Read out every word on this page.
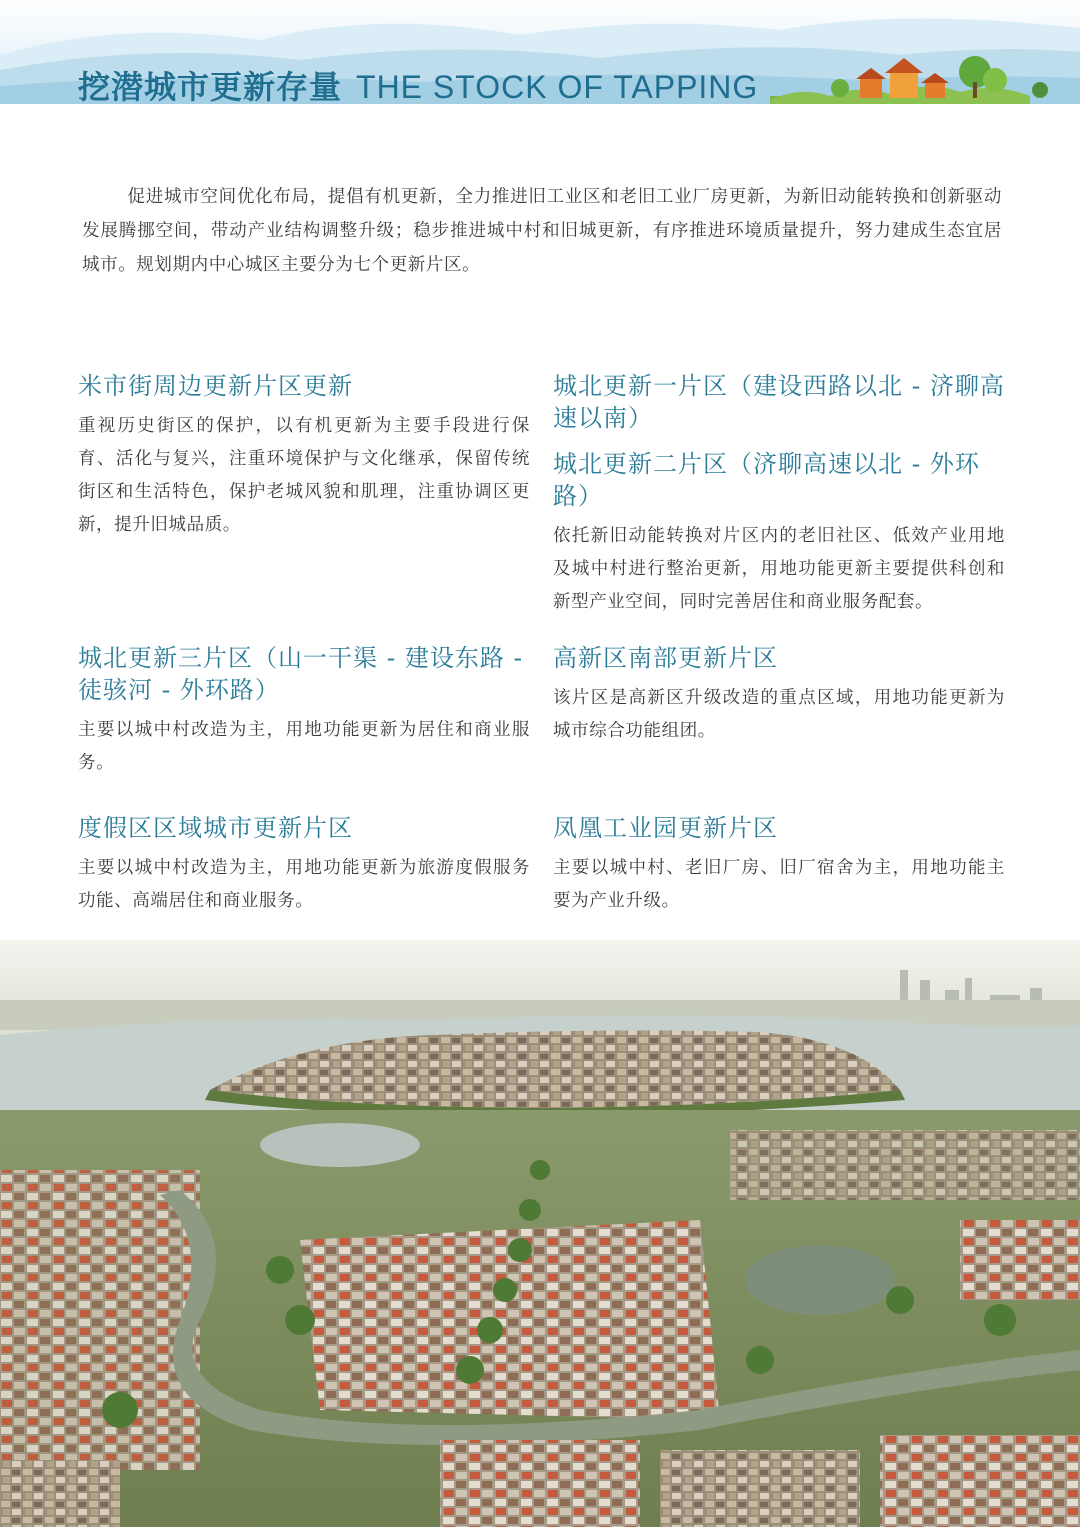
挖潜城市更新存量 THE STOCK OF TAPPING

促进城市空间优化布局，提倡有机更新，全力推进旧工业区和老旧工业厂房更新，为新旧动能转换和创新驱动发展腾挪空间，带动产业结构调整升级；稳步推进城中村和旧城更新，有序推进环境质量提升，努力建成生态宜居城市。规划期内中心城区主要分为七个更新片区。

米市街周边更新片区更新

重视历史街区的保护，以有机更新为主要手段进行保育、活化与复兴，注重环境保护与文化继承，保留传统街区和生活特色，保护老城风貌和肌理，注重协调区更新，提升旧城品质。

城北更新一片区（建设西路以北 - 济聊高速以南）
城北更新二片区（济聊高速以北 - 外环路）

依托新旧动能转换对片区内的老旧社区、低效产业用地及城中村进行整治更新，用地功能更新主要提供科创和新型产业空间，同时完善居住和商业服务配套。

城北更新三片区（山一干渠 - 建设东路 - 徒骇河 - 外环路）

主要以城中村改造为主，用地功能更新为居住和商业服务。

高新区南部更新片区

该片区是高新区升级改造的重点区域，用地功能更新为城市综合功能组团。

度假区区域城市更新片区

主要以城中村改造为主，用地功能更新为旅游度假服务功能、高端居住和商业服务。

凤凰工业园更新片区

主要以城中村、老旧厂房、旧厂宿舍为主，用地功能主要为产业升级。
